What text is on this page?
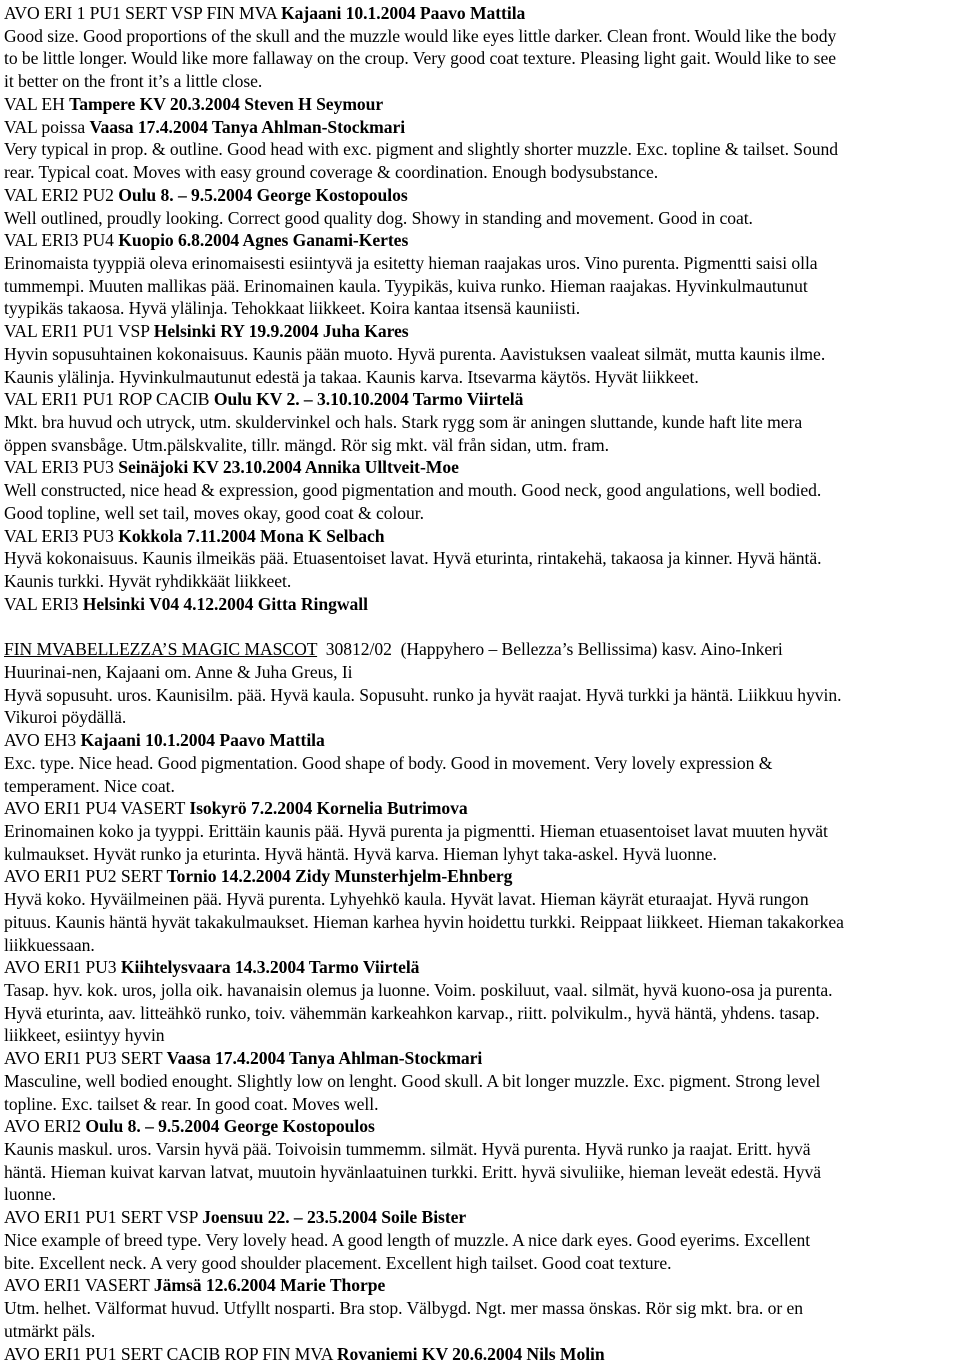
AVO ERI 1 PU1 SERT VSP FIN MVA Kajaani 10.1.2004 Paavo Mattila
Good size. Good proportions of the skull and the muzzle would like eyes little darker. Clean front. Would like the body
to be little longer. Would like more fallaway on the croup. Very good coat texture. Pleasing light gait. Would like to see
it better on the front it’s a little close.
VAL EH Tampere KV 20.3.2004 Steven H Seymour
VAL poissa Vaasa 17.4.2004 Tanya Ahlman-Stockmari
Very typical in prop. & outline. Good head with exc. pigment and slightly shorter muzzle. Exc. topline & tailset. Sound
rear. Typical coat. Moves with easy ground coverage & coordination. Enough bodysubstance.
VAL ERI2 PU2 Oulu 8. – 9.5.2004 George Kostopoulos
Well outlined, proudly looking. Correct good quality dog. Showy in standing and movement. Good in coat.
VAL ERI3 PU4 Kuopio 6.8.2004 Agnes Ganami-Kertes
Erinomaista tyyppiä oleva erinomaisesti esiintyvä ja esitetty hieman raajakas uros. Vino purenta. Pigmentti saisi olla
tummempi. Muuten mallikas pää. Erinomainen kaula. Tyypikäs, kuiva runko. Hieman raajakas. Hyvinkulmautunut
tyypikäs takaosa. Hyvä ylälinja. Tehokkaat liikkeet. Koira kantaa itsensä kauniisti.
VAL ERI1 PU1 VSP Helsinki RY 19.9.2004 Juha Kares
Hyvin sopusuhtainen kokonaisuus. Kaunis pään muoto. Hyvä purenta. Aavistuksen vaaleat silmät, mutta kaunis ilme.
Kaunis ylälinja. Hyvinkulmautunut edestä ja takaa. Kaunis karva. Itsevarma käytös. Hyvät liikkeet.
VAL ERI1 PU1 ROP CACIB Oulu KV 2. – 3.10.10.2004 Tarmo Viirtelä
Mkt. bra huvud och utryck, utm. skuldervinkel och hals. Stark rygg som är aningen sluttande, kunde haft lite mera
öppen svansbåge. Utm.pälskvalite, tillr. mängd. Rör sig mkt. väl från sidan, utm. fram.
VAL ERI3 PU3 Seinäjoki KV 23.10.2004 Annika Ulltveit-Moe
Well constructed, nice head & expression, good pigmentation and mouth. Good neck, good angulations, well bodied.
Good topline, well set tail, moves okay, good coat & colour.
VAL ERI3 PU3 Kokkola 7.11.2004 Mona K Selbach
Hyvä kokonaisuus. Kaunis ilmeikäs pää. Etuasentoiset lavat. Hyvä eturinta, rintakehä, takaosa ja kinner. Hyvä häntä.
Kaunis turkki. Hyvät ryhdikkäät liikkeet.
VAL ERI3 Helsinki V04 4.12.2004 Gitta Ringwall
FIN MVABELLEZZA’S MAGIC MASCOT  30812/02  (Happyhero – Bellezza’s Bellissima) kasv. Aino-Inkeri
Huurinai-nen, Kajaani om. Anne & Juha Greus, Ii
Hyvä sopusuht. uros. Kaunisilm. pää. Hyvä kaula. Sopusuht. runko ja hyvät raajat. Hyvä turkki ja häntä. Liikkuu hyvin.
Vikuroi pöydällä.
AVO EH3 Kajaani 10.1.2004 Paavo Mattila
Exc. type. Nice head. Good pigmentation. Good shape of body. Good in movement. Very lovely expression &
temperament. Nice coat.
AVO ERI1 PU4 VASERT Isokyrö 7.2.2004 Kornelia Butrimova
Erinomainen koko ja tyyppi. Erittäin kaunis pää. Hyvä purenta ja pigmentti. Hieman etuasentoiset lavat muuten hyvät
kulmaukset. Hyvät runko ja eturinta. Hyvä häntä. Hyvä karva. Hieman lyhyt taka-askel. Hyvä luonne.
AVO ERI1 PU2 SERT Tornio 14.2.2004 Zidy Munsterhjelm-Ehnberg
Hyvä koko. Hyväilmeinen pää. Hyvä purenta. Lyhyehkö kaula. Hyvät lavat. Hieman käyrät eturaajat. Hyvä rungon
pituus. Kaunis häntä hyvät takakulmaukset. Hieman karhea hyvin hoidettu turkki. Reippaat liikkeet. Hieman takakorkea
liikkuessaan.
AVO ERI1 PU3 Kiihtelysvaara 14.3.2004 Tarmo Viirtelä
Tasap. hyv. kok. uros, jolla oik. havanaisin olemus ja luonne. Voim. poskiluut, vaal. silmät, hyvä kuono-osa ja purenta.
Hyvä eturinta, aav. litteähkö runko, toiv. vähemmän karkeahkon karvap., riitt. polvikulm., hyvä häntä, yhdens. tasap.
liikkeet, esiintyy hyvin
AVO ERI1 PU3 SERT Vaasa 17.4.2004 Tanya Ahlman-Stockmari
Masculine, well bodied enought. Slightly low on lenght. Good skull. A bit longer muzzle. Exc. pigment. Strong level
topline. Exc. tailset & rear. In good coat. Moves well.
AVO ERI2 Oulu 8. – 9.5.2004 George Kostopoulos
Kaunis maskul. uros. Varsin hyvä pää. Toivoisin tummemm. silmät. Hyvä purenta. Hyvä runko ja raajat. Eritt. hyvä
häntä. Hieman kuivat karvan latvat, muutoin hyvänlaatuinen turkki. Eritt. hyvä sivuliike, hieman leveät edestä. Hyvä
luonne.
AVO ERI1 PU1 SERT VSP Joensuu 22. – 23.5.2004 Soile Bister
Nice example of breed type. Very lovely head. A good length of muzzle. A nice dark eyes. Good eyerims. Excellent
bite. Excellent neck. A very good shoulder placement. Excellent high tailset. Good coat texture.
AVO ERI1 VASERT Jämsä 12.6.2004 Marie Thorpe
Utm. helhet. Välformat huvud. Utfyllt nosparti. Bra stop. Välbygd. Ngt. mer massa önskas. Rör sig mkt. bra. or en
utmärkt päls.
AVO ERI1 PU1 SERT CACIB ROP FIN MVA Rovaniemi KV 20.6.2004 Nils Molin
